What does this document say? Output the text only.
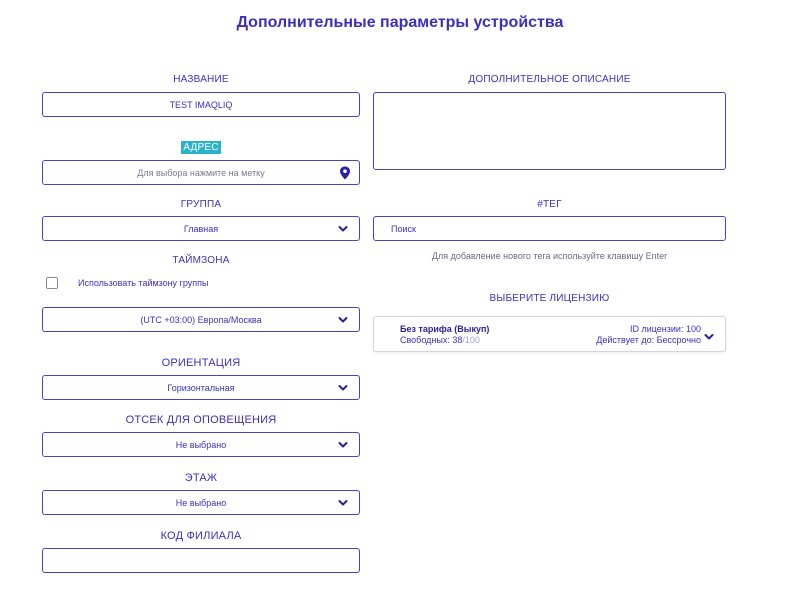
Дополнительные параметры устройства
НАЗВАНИЕ
TEST IMAQLIQ
АДРЕС
Для выбора нажмите на метку
ГРУППА
Главная
ТАЙМЗОНА
Использовать таймзону группы
(UTC +03:00) Европа/Москва
ОРИЕНТАЦИЯ
Горизонтальная
ОТСЕК ДЛЯ ОПОВЕЩЕНИЯ
Не выбрано
ЭТАЖ
Не выбрано
КОД ФИЛИАЛА
ДОПОЛНИТЕЛЬНОЕ ОПИСАНИЕ
#ТЕГ
Поиск
Для добавление нового тега используйте клавишу Enter
ВЫБЕРИТЕ ЛИЦЕНЗИЮ
Без тарифа (Выкуп)
Свободных: 38/100
ID лицензии: 100
Действует до: Бессрочно
